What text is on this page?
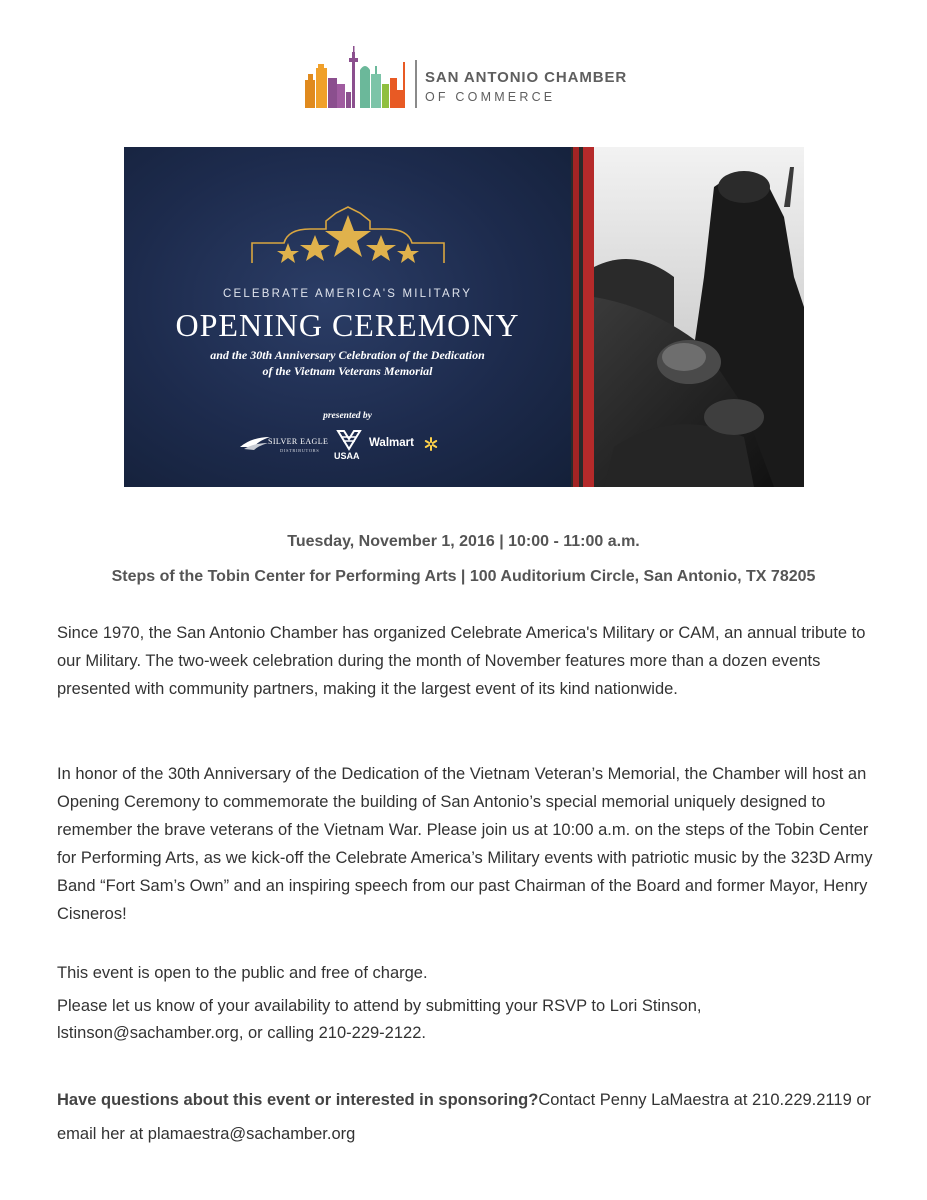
SAN ANTONIO CHAMBER
OF COMMERCE
CELEBRATE AMERICA'S MILITARY
OPENING CEREMONY
and the 30th Anniversary Celebration of the Dedication
of the Vietnam Veterans Memorial
presented by
SILVER EAGLE
DISTRIBUTORS
USAA
Walmart
Tuesday, November 1, 2016 | 10:00 - 11:00 a.m.
Steps of the Tobin Center for Performing Arts | 100 Auditorium Circle, San Antonio, TX 78205

Since 1970, the San Antonio Chamber has organized Celebrate America's Military or CAM, an annual tribute to our Military. The two-week celebration during the month of November features more than a dozen events presented with community partners, making it the largest event of its kind nationwide.

In honor of the 30th Anniversary of the Dedication of the Vietnam Veteran’s Memorial, the Chamber will host an Opening Ceremony to commemorate the building of San Antonio’s special memorial uniquely designed to remember the brave veterans of the Vietnam War. Please join us at 10:00 a.m. on the steps of the Tobin Center for Performing Arts, as we kick-off the Celebrate America’s Military events with patriotic music by the 323D Army Band “Fort Sam’s Own” and an inspiring speech from our past Chairman of the Board and former Mayor, Henry Cisneros!

This event is open to the public and free of charge.

Please let us know of your availability to attend by submitting your RSVP to Lori Stinson, lstinson@sachamber.org, or calling 210-229-2122.

Have questions about this event or interested in sponsoring?Contact Penny LaMaestra at 210.229.2119 or email her at plamaestra@sachamber.org
